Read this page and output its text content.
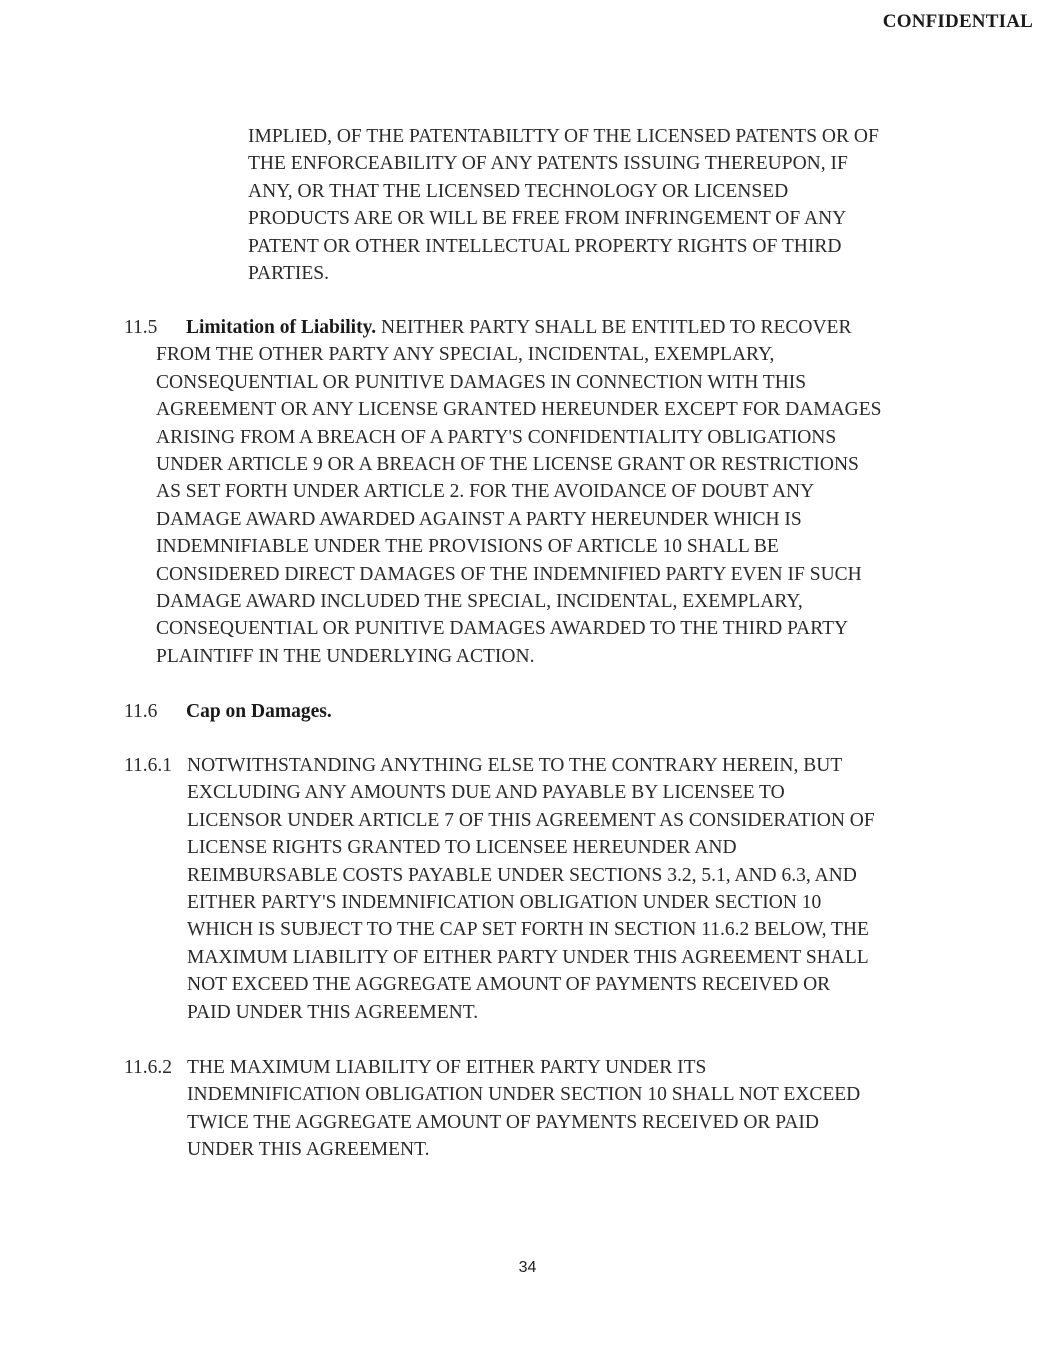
CONFIDENTIAL
IMPLIED, OF THE PATENTABILTTY OF THE LICENSED PATENTS OR OF
THE ENFORCEABILITY OF ANY PATENTS ISSUING THEREUPON, IF
ANY, OR THAT THE LICENSED TECHNOLOGY OR LICENSED
PRODUCTS ARE OR WILL BE FREE FROM INFRINGEMENT OF ANY
PATENT OR OTHER INTELLECTUAL PROPERTY RIGHTS OF THIRD
PARTIES.
11.5 Limitation of Liability. NEITHER PARTY SHALL BE ENTITLED TO RECOVER
FROM THE OTHER PARTY ANY SPECIAL, INCIDENTAL, EXEMPLARY,
CONSEQUENTIAL OR PUNITIVE DAMAGES IN CONNECTION WITH THIS
AGREEMENT OR ANY LICENSE GRANTED HEREUNDER EXCEPT FOR DAMAGES
ARISING FROM A BREACH OF A PARTY'S CONFIDENTIALITY OBLIGATIONS
UNDER ARTICLE 9 OR A BREACH OF THE LICENSE GRANT OR RESTRICTIONS
AS SET FORTH UNDER ARTICLE 2. FOR THE AVOIDANCE OF DOUBT ANY
DAMAGE AWARD AWARDED AGAINST A PARTY HEREUNDER WHICH IS
INDEMNIFIABLE UNDER THE PROVISIONS OF ARTICLE 10 SHALL BE
CONSIDERED DIRECT DAMAGES OF THE INDEMNIFIED PARTY EVEN IF SUCH
DAMAGE AWARD INCLUDED THE SPECIAL, INCIDENTAL, EXEMPLARY,
CONSEQUENTIAL OR PUNITIVE DAMAGES AWARDED TO THE THIRD PARTY
PLAINTIFF IN THE UNDERLYING ACTION.
11.6 Cap on Damages.
11.6.1 NOTWITHSTANDING ANYTHING ELSE TO THE CONTRARY HEREIN, BUT
EXCLUDING ANY AMOUNTS DUE AND PAYABLE BY LICENSEE TO
LICENSOR UNDER ARTICLE 7 OF THIS AGREEMENT AS CONSIDERATION OF
LICENSE RIGHTS GRANTED TO LICENSEE HEREUNDER AND
REIMBURSABLE COSTS PAYABLE UNDER SECTIONS 3.2, 5.1, AND 6.3, AND
EITHER PARTY'S INDEMNIFICATION OBLIGATION UNDER SECTION 10
WHICH IS SUBJECT TO THE CAP SET FORTH IN SECTION 11.6.2 BELOW, THE
MAXIMUM LIABILITY OF EITHER PARTY UNDER THIS AGREEMENT SHALL
NOT EXCEED THE AGGREGATE AMOUNT OF PAYMENTS RECEIVED OR
PAID UNDER THIS AGREEMENT.
11.6.2 THE MAXIMUM LIABILITY OF EITHER PARTY UNDER ITS
INDEMNIFICATION OBLIGATION UNDER SECTION 10 SHALL NOT EXCEED
TWICE THE AGGREGATE AMOUNT OF PAYMENTS RECEIVED OR PAID
UNDER THIS AGREEMENT.
34
